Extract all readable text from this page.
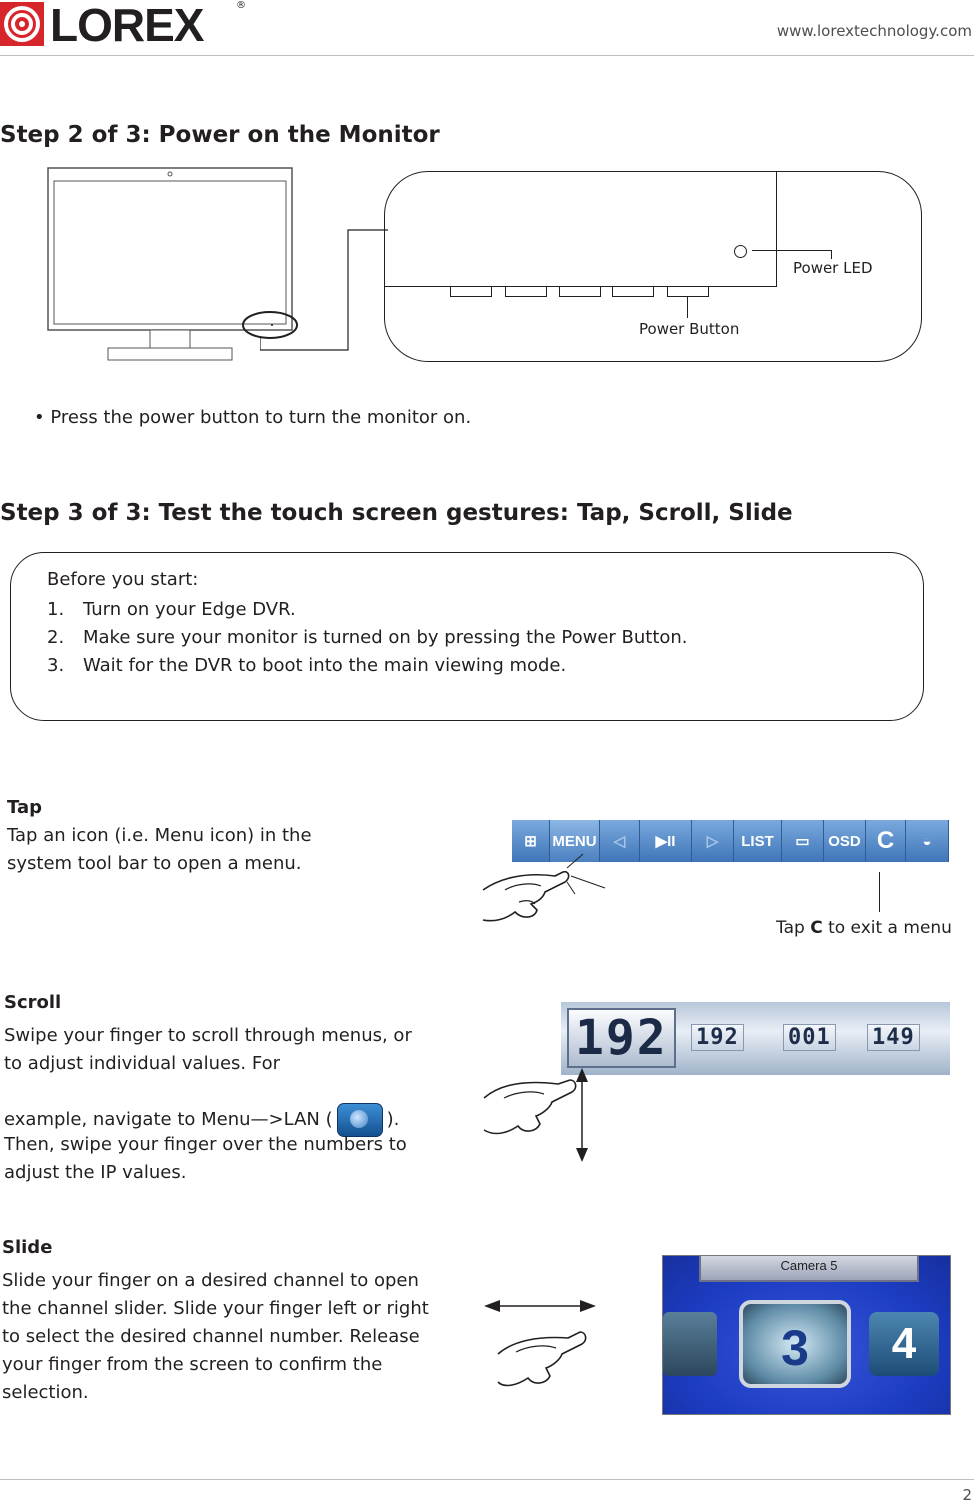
LOREX	®
www.lorextechnology.com
Step 2 of 3: Power on the Monitor
Power LED
Power Button
• Press the power button to turn the monitor on.
Step 3 of 3: Test the touch screen gestures: Tap, Scroll, Slide
Before you start:
1. Turn on your Edge DVR.
2. Make sure your monitor is turned on by pressing the Power Button.
3. Wait for the DVR to boot into the main viewing mode.
Tap
Tap an icon (i.e. Menu icon) in the system tool bar to open a menu.
⊞	MENU	◁	▶II	▷	LIST	▭	OSD C	◒
Tap C to exit a menu
Scroll
Swipe your finger to scroll through menus, or to adjust individual values. For
example, navigate to Menu—>LAN (	).
Then, swipe your finger over the numbers to adjust the IP values.
192	192 001 149
Slide
Slide your finger on a desired channel to open the channel slider. Slide your finger left or right to select the desired channel number. Release your finger from the screen to confirm the selection.
Camera 5
3	4
2
